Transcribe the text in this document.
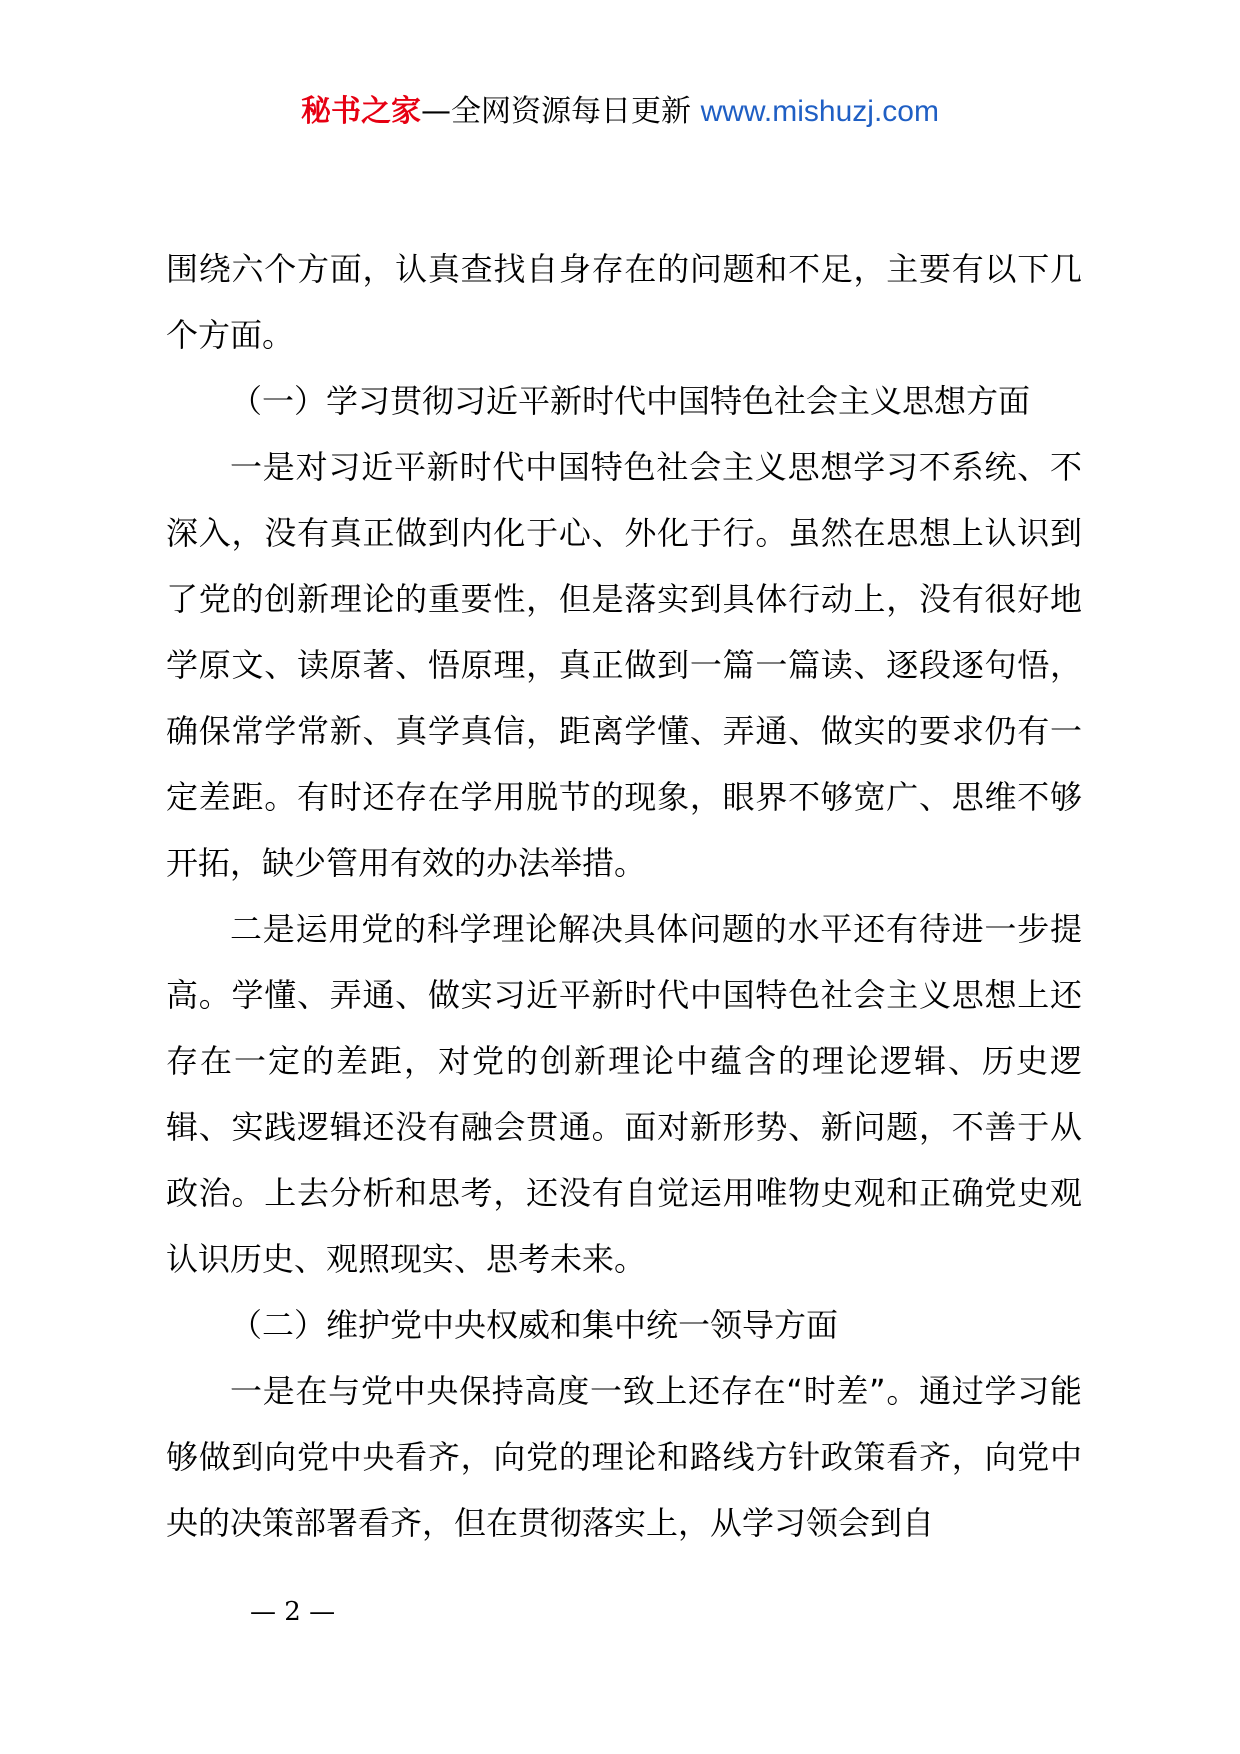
秘书之家—全网资源每日更新 www.mishuzj.com

围绕六个方面，认真查找自身存在的问题和不足，主要有以下几个方面。

（一）学习贯彻习近平新时代中国特色社会主义思想方面

一是对习近平新时代中国特色社会主义思想学习不系统、不深入，没有真正做到内化于心、外化于行。虽然在思想上认识到了党的创新理论的重要性，但是落实到具体行动上，没有很好地学原文、读原著、悟原理，真正做到一篇一篇读、逐段逐句悟，确保常学常新、真学真信，距离学懂、弄通、做实的要求仍有一定差距。有时还存在学用脱节的现象，眼界不够宽广、思维不够开拓，缺少管用有效的办法举措。

二是运用党的科学理论解决具体问题的水平还有待进一步提高。学懂、弄通、做实习近平新时代中国特色社会主义思想上还存在一定的差距，对党的创新理论中蕴含的理论逻辑、历史逻辑、实践逻辑还没有融会贯通。面对新形势、新问题，不善于从政治。上去分析和思考，还没有自觉运用唯物史观和正确党史观认识历史、观照现实、思考未来。

（二）维护党中央权威和集中统一领导方面

一是在与党中央保持高度一致上还存在“时差”。通过学习能够做到向党中央看齐，向党的理论和路线方针政策看齐，向党中央的决策部署看齐，但在贯彻落实上，从学习领会到自

— 2 —
